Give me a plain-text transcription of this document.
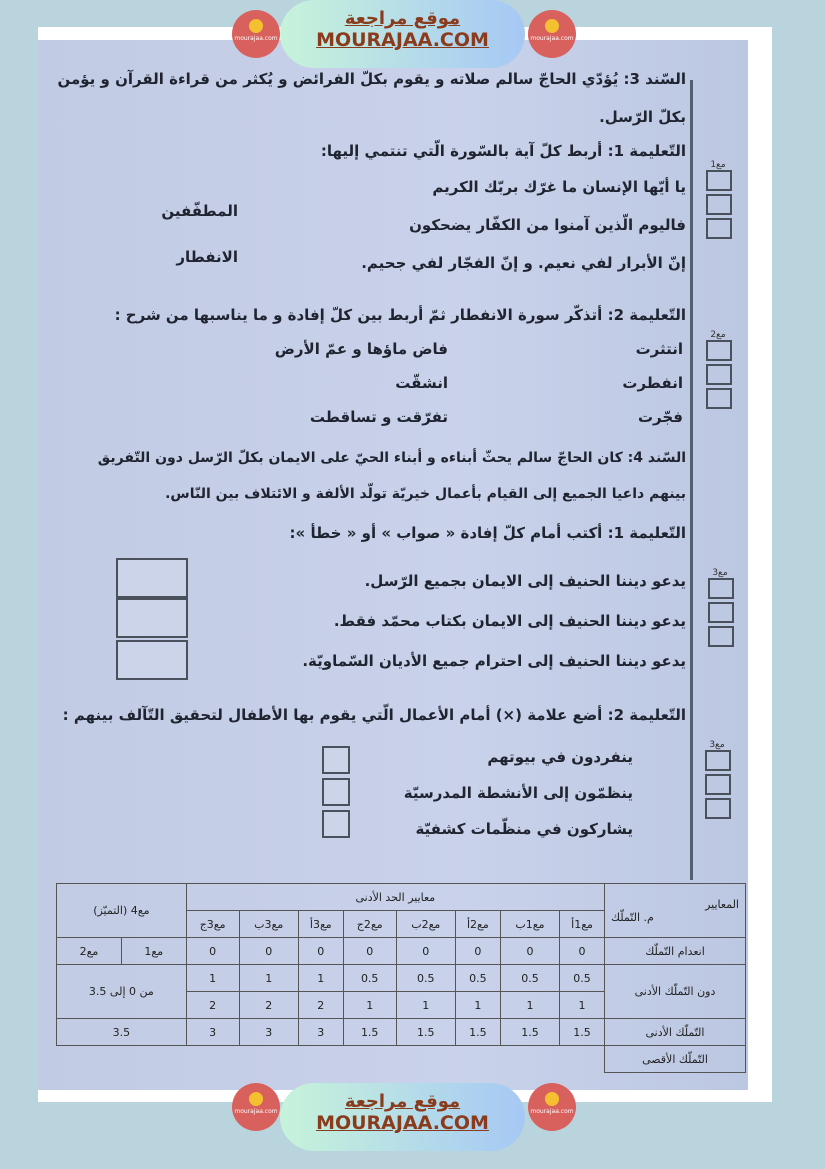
السّند 3: يُؤدّي الحاجّ سالم صلاته و يقوم بكلّ الفرائض و يُكثر من قراءة القرآن و يؤمن
بكلّ الرّسل.
التّعليمة 1: أربط كلّ آية بالسّورة الّتي تنتمي إليها:
يا أيّها الإنسان ما غرّك بربّك الكريم
فاليوم الّذين آمنوا من الكفّار يضحكون
إنّ الأبرار لفي نعيم. و إنّ الفجّار لفي جحيم.
المطفّفين
الانفطار
التّعليمة 2: أتذكّر سورة الانفطار ثمّ أربط بين كلّ إفادة و ما يناسبها من شرح :
انتثرت
انفطرت
فجّرت
فاض ماؤها و عمّ الأرض
انشقّت
تفرّقت و تساقطت
السّند 4: كان الحاجّ سالم يحثّ أبناءه و أبناء الحيّ على الايمان بكلّ الرّسل دون التّفريق
بينهم داعيا الجميع إلى القيام بأعمال خيريّة تولّد الألفة و الائتلاف بين النّاس.
التّعليمة 1: أكتب أمام كلّ إفادة « صواب » أو « خطأ »:
يدعو ديننا الحنيف إلى الايمان بجميع الرّسل.
يدعو ديننا الحنيف إلى الايمان بكتاب محمّد فقط.
يدعو ديننا الحنيف إلى احترام جميع الأديان السّماويّة.
التّعليمة 2: أضع علامة (×) أمام الأعمال الّتي يقوم بها الأطفال لتحقيق التّآلف بينهم :
ينفردون في بيوتهم
ينظمّون إلى الأنشطة المدرسيّة
يشاركون في منظّمات كشفيّة
مع1
مع2
مع3
مع3
المعايير
م. التّملّك	معايير الحد الأدنى								مع4 (التميّز)	
	مع1أ	مع1ب	مع2أ	مع2ب	مع2ج	مع3أ	مع3ب	مع3ج		
انعدام التّملّك	0	0	0	0	0	0	0	0	مع1	مع2
دون التّملّك الأدنى	0.5	0.5	0.5	0.5	0.5	1	1	1	من 0 إلى 3.5	
	1	1	1	1	1	2	2	2		
التّملّك الأدنى	1.5	1.5	1.5	1.5	1.5	3	3	3	3.5	
التّملّك الأقصى										
mourajaa.com
موقع مراجعة
MOURAJAA.COM	mourajaa.com
mourajaa.com	موقع مراجعة
MOURAJAA.COM
mourajaa.com
